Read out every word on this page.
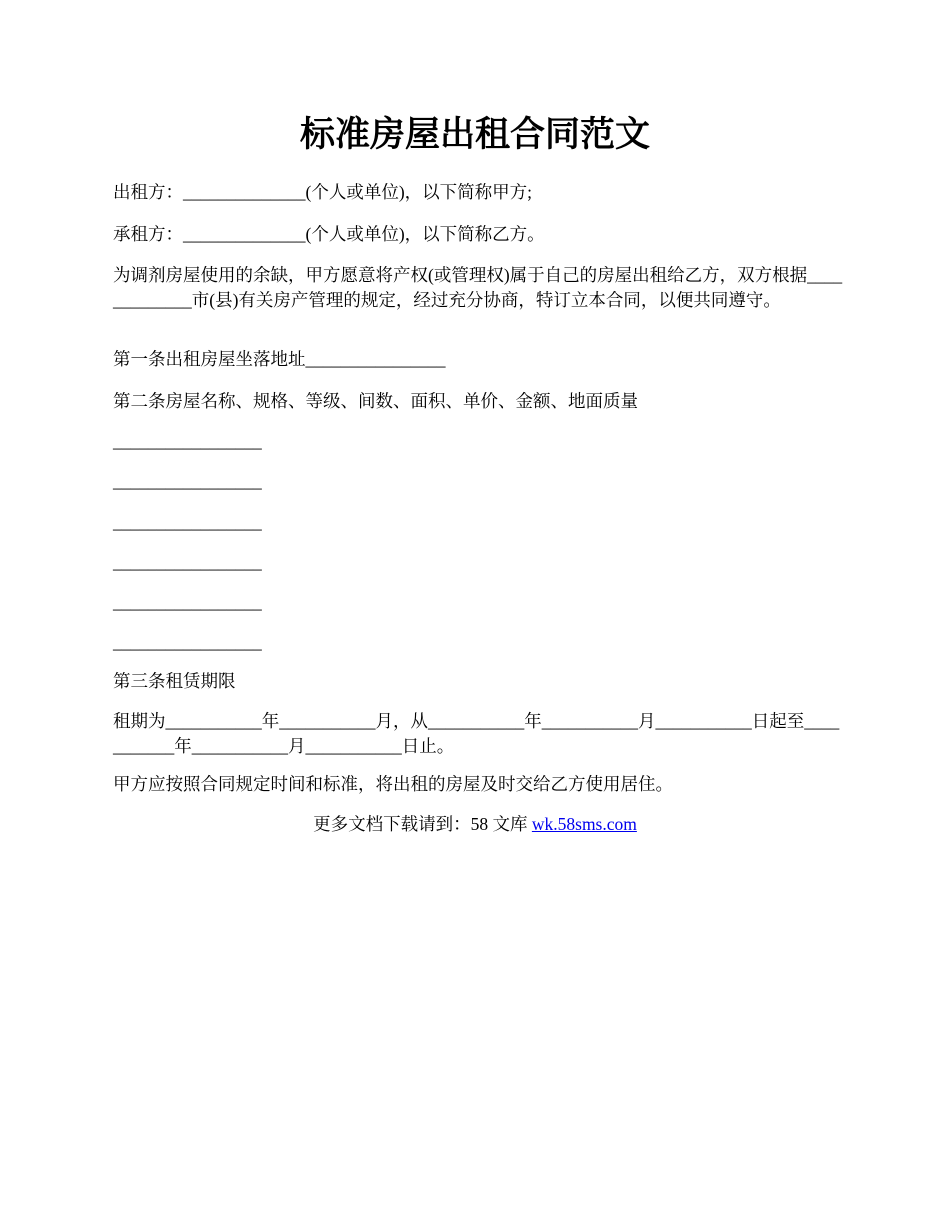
标准房屋出租合同范文

出租方：______________(个人或单位)，以下简称甲方;

承租方：______________(个人或单位)，以下简称乙方。

为调剂房屋使用的余缺，甲方愿意将产权(或管理权)属于自己的房屋出租给乙方，双方根据_____________市(县)有关房产管理的规定，经过充分协商，特订立本合同，以便共同遵守。

第一条出租房屋坐落地址________________

第二条房屋名称、规格、等级、间数、面积、单价、金额、地面质量

_________________

_________________

_________________

_________________

_________________

_________________

第三条租赁期限

租期为___________年___________月，从___________年___________月___________日起至___________年___________月___________日止。

甲方应按照合同规定时间和标准，将出租的房屋及时交给乙方使用居住。

更多文档下载请到：58 文库 wk.58sms.com
